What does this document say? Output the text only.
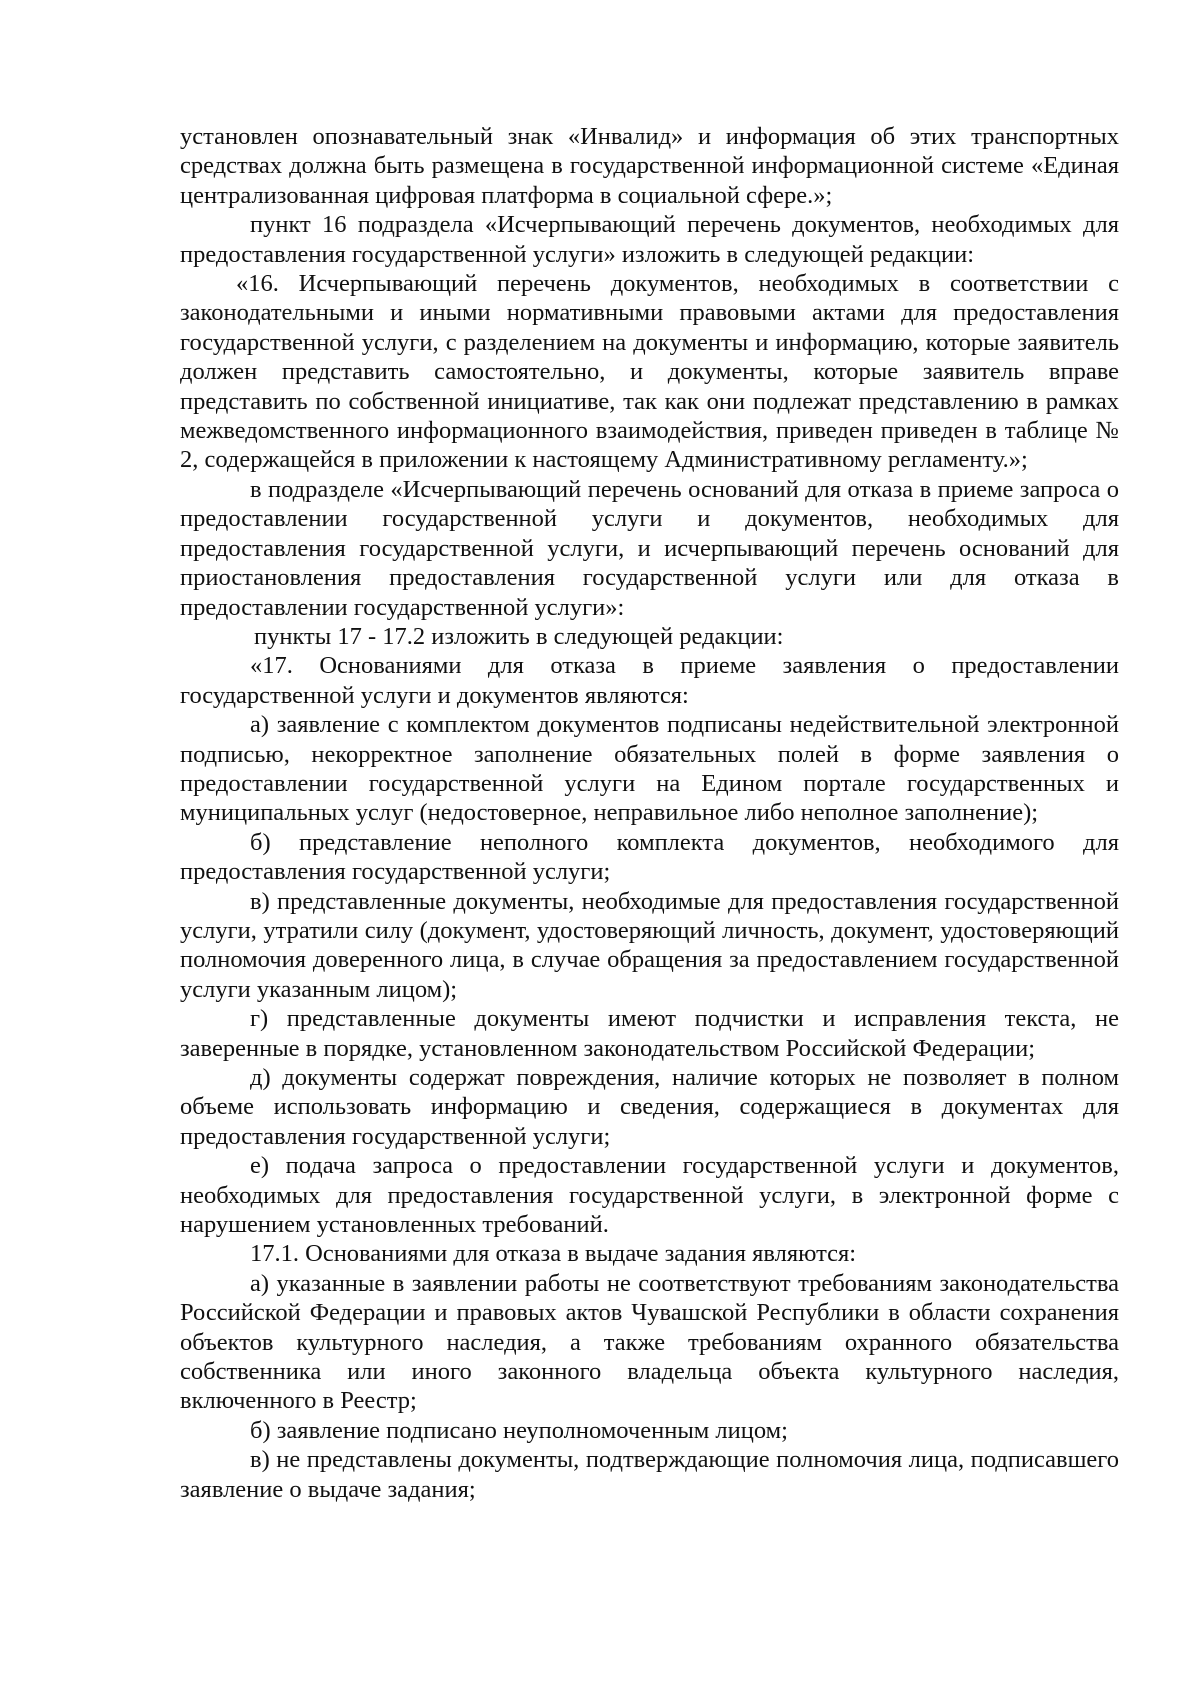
установлен опознавательный знак «Инвалид» и информация об этих транспортных средствах должна быть размещена в государственной информационной системе «Единая централизованная цифровая платформа в социальной сфере.»;

пункт 16 подраздела «Исчерпывающий перечень документов, необходимых для предоставления государственной услуги» изложить в следующей редакции:

«16. Исчерпывающий перечень документов, необходимых в соответствии с законодательными и иными нормативными правовыми актами для предоставления государственной услуги, с разделением на документы и информацию, которые заявитель должен представить самостоятельно, и документы, которые заявитель вправе представить по собственной инициативе, так как они подлежат представлению в рамках межведомственного информационного взаимодействия, приведен приведен в таблице № 2, содержащейся в приложении к настоящему Административному регламенту.»;

в подразделе «Исчерпывающий перечень оснований для отказа в приеме запроса о предоставлении государственной услуги и документов, необходимых для предоставления государственной услуги, и исчерпывающий перечень оснований для приостановления предоставления государственной услуги или для отказа в предоставлении государственной услуги»:

пункты 17 - 17.2 изложить в следующей редакции:

«17. Основаниями для отказа в приеме заявления о предоставлении государственной услуги и документов являются:

а) заявление с комплектом документов подписаны недействительной электронной подписью, некорректное заполнение обязательных полей в форме заявления о предоставлении государственной услуги на Едином портале государственных и муниципальных услуг (недостоверное, неправильное либо неполное заполнение);

б) представление неполного комплекта документов, необходимого для предоставления государственной услуги;

в) представленные документы, необходимые для предоставления государственной услуги, утратили силу (документ, удостоверяющий личность, документ, удостоверяющий полномочия доверенного лица, в случае обращения за предоставлением государственной услуги указанным лицом);

г) представленные документы имеют подчистки и исправления текста, не заверенные в порядке, установленном законодательством Российской Федерации;

д) документы содержат повреждения, наличие которых не позволяет в полном объеме использовать информацию и сведения, содержащиеся в документах для предоставления государственной услуги;

е) подача запроса о предоставлении государственной услуги и документов, необходимых для предоставления государственной услуги, в электронной форме с нарушением установленных требований.

17.1. Основаниями для отказа в выдаче задания являются:

а) указанные в заявлении работы не соответствуют требованиям законодательства Российской Федерации и правовых актов Чувашской Республики в области сохранения объектов культурного наследия, а также требованиям охранного обязательства собственника или иного законного владельца объекта культурного наследия, включенного в Реестр;

б) заявление подписано неуполномоченным лицом;

в) не представлены документы, подтверждающие полномочия лица, подписавшего заявление о выдаче задания;
